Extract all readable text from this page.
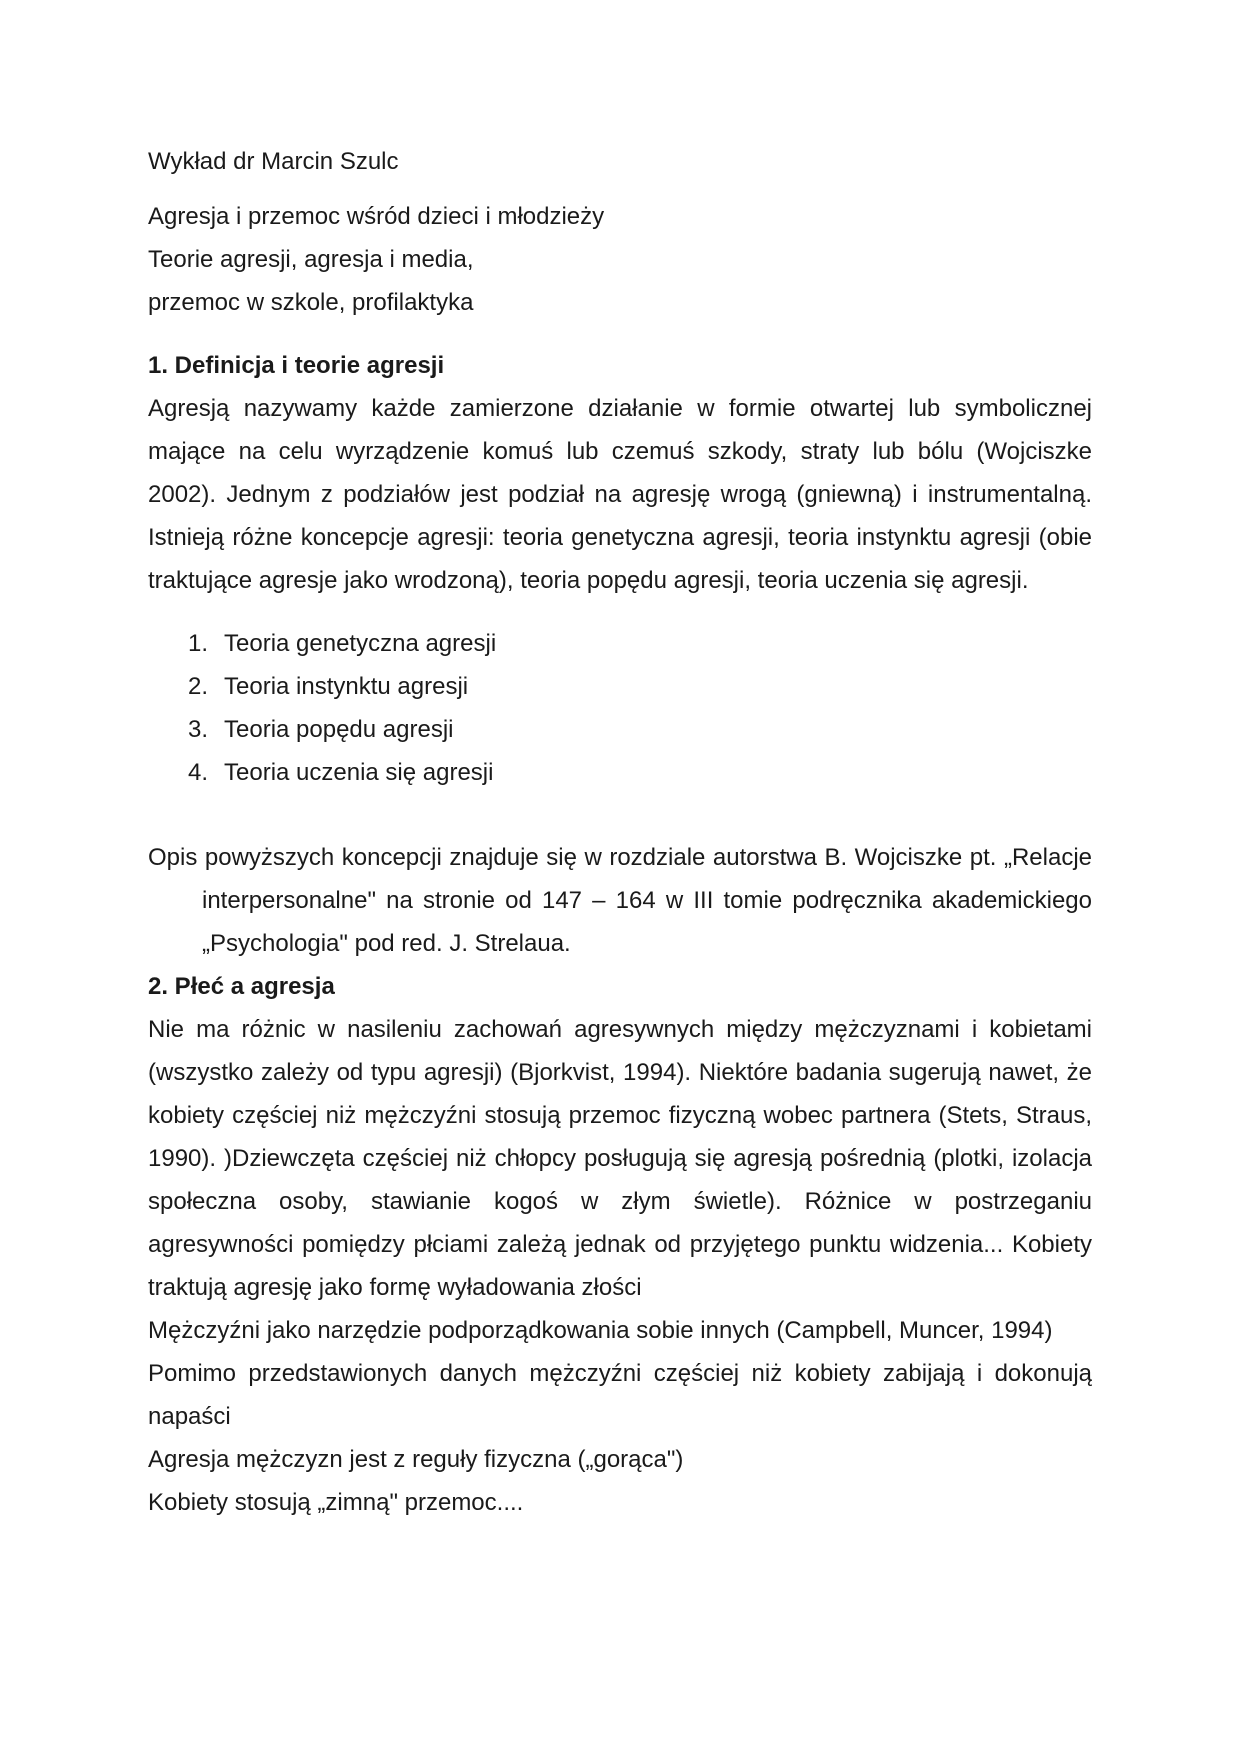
Wykład dr Marcin Szulc

Agresja i przemoc wśród dzieci i młodzieży

Teorie agresji, agresja i media,

przemoc w szkole, profilaktyka

1. Definicja i teorie agresji

Agresją nazywamy każde zamierzone działanie w formie otwartej lub symbolicznej mające na celu wyrządzenie komuś lub czemuś szkody, straty lub bólu (Wojciszke 2002). Jednym z podziałów jest podział na agresję wrogą (gniewną) i instrumentalną. Istnieją różne koncepcje agresji: teoria genetyczna agresji, teoria instynktu agresji (obie traktujące agresje jako wrodzoną), teoria popędu agresji, teoria uczenia się agresji.

1. Teoria genetyczna agresji
2. Teoria instynktu agresji
3. Teoria popędu agresji
4. Teoria uczenia się agresji

Opis powyższych koncepcji znajduje się w rozdziale autorstwa B. Wojciszke pt. „Relacje interpersonalne" na stronie od 147 – 164 w III tomie podręcznika akademickiego „Psychologia" pod red. J. Strelaua.

2. Płeć a agresja

Nie ma różnic w nasileniu zachowań agresywnych między mężczyznami i kobietami (wszystko zależy od typu agresji) (Bjorkvist, 1994). Niektóre badania sugerują nawet, że kobiety częściej niż mężczyźni stosują przemoc fizyczną wobec partnera (Stets, Straus, 1990). )Dziewczęta częściej niż chłopcy posługują się agresją pośrednią (plotki, izolacja społeczna osoby, stawianie kogoś w złym świetle). Różnice w postrzeganiu agresywności pomiędzy płciami zależą jednak od przyjętego punktu widzenia... Kobiety traktują agresję jako formę wyładowania złości

Mężczyźni jako narzędzie podporządkowania sobie innych (Campbell, Muncer, 1994)

Pomimo przedstawionych danych mężczyźni częściej niż kobiety zabijają i dokonują napaści

Agresja mężczyzn jest z reguły fizyczna („gorąca")

Kobiety stosują „zimną" przemoc....
